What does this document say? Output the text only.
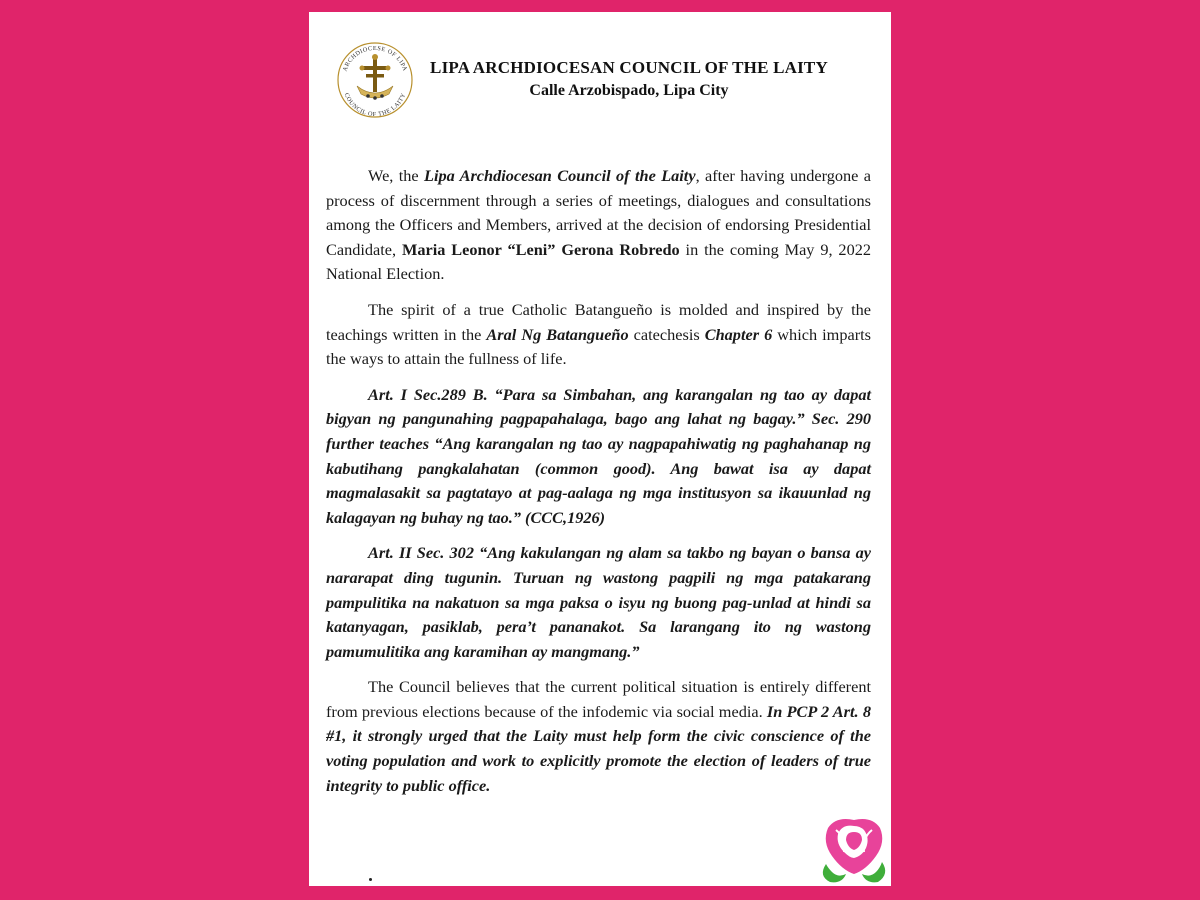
ARCHDIOCESE OF LIPA
COUNCIL OF THE LAITY
LIPA ARCHDIOCESAN COUNCIL OF THE LAITY
Calle Arzobispado, Lipa City

We, the Lipa Archdiocesan Council of the Laity, after having undergone a process of discernment through a series of meetings, dialogues and consultations among the Officers and Members, arrived at the decision of endorsing Presidential Candidate, Maria Leonor “Leni” Gerona Robredo in the coming May 9, 2022 National Election.

The spirit of a true Catholic Batangueño is molded and inspired by the teachings written in the Aral Ng Batangueño catechesis Chapter 6 which imparts the ways to attain the fullness of life.

Art. I Sec.289 B. “Para sa Simbahan, ang karangalan ng tao ay dapat bigyan ng pangunahing pagpapahalaga, bago ang lahat ng bagay.” Sec. 290 further teaches “Ang karangalan ng tao ay nagpapahiwatig ng paghahanap ng kabutihang pangkalahatan (common good). Ang bawat isa ay dapat magmalasakit sa pagtatayo at pag-aalaga ng mga institusyon sa ikauunlad ng kalagayan ng buhay ng tao.” (CCC,1926)

Art. II Sec. 302 “Ang kakulangan ng alam sa takbo ng bayan o bansa ay nararapat ding tugunin. Turuan ng wastong pagpili ng mga patakarang pampulitika na nakatuon sa mga paksa o isyu ng buong pag-unlad at hindi sa katanyagan, pasiklab, pera’t pananakot. Sa larangang ito ng wastong pamumulitika ang karamihan ay mangmang.”

The Council believes that the current political situation is entirely different from previous elections because of the infodemic via social media. In PCP 2 Art. 8 #1, it strongly urged that the Laity must help form the civic conscience of the voting population and work to explicitly promote the election of leaders of true integrity to public office.
